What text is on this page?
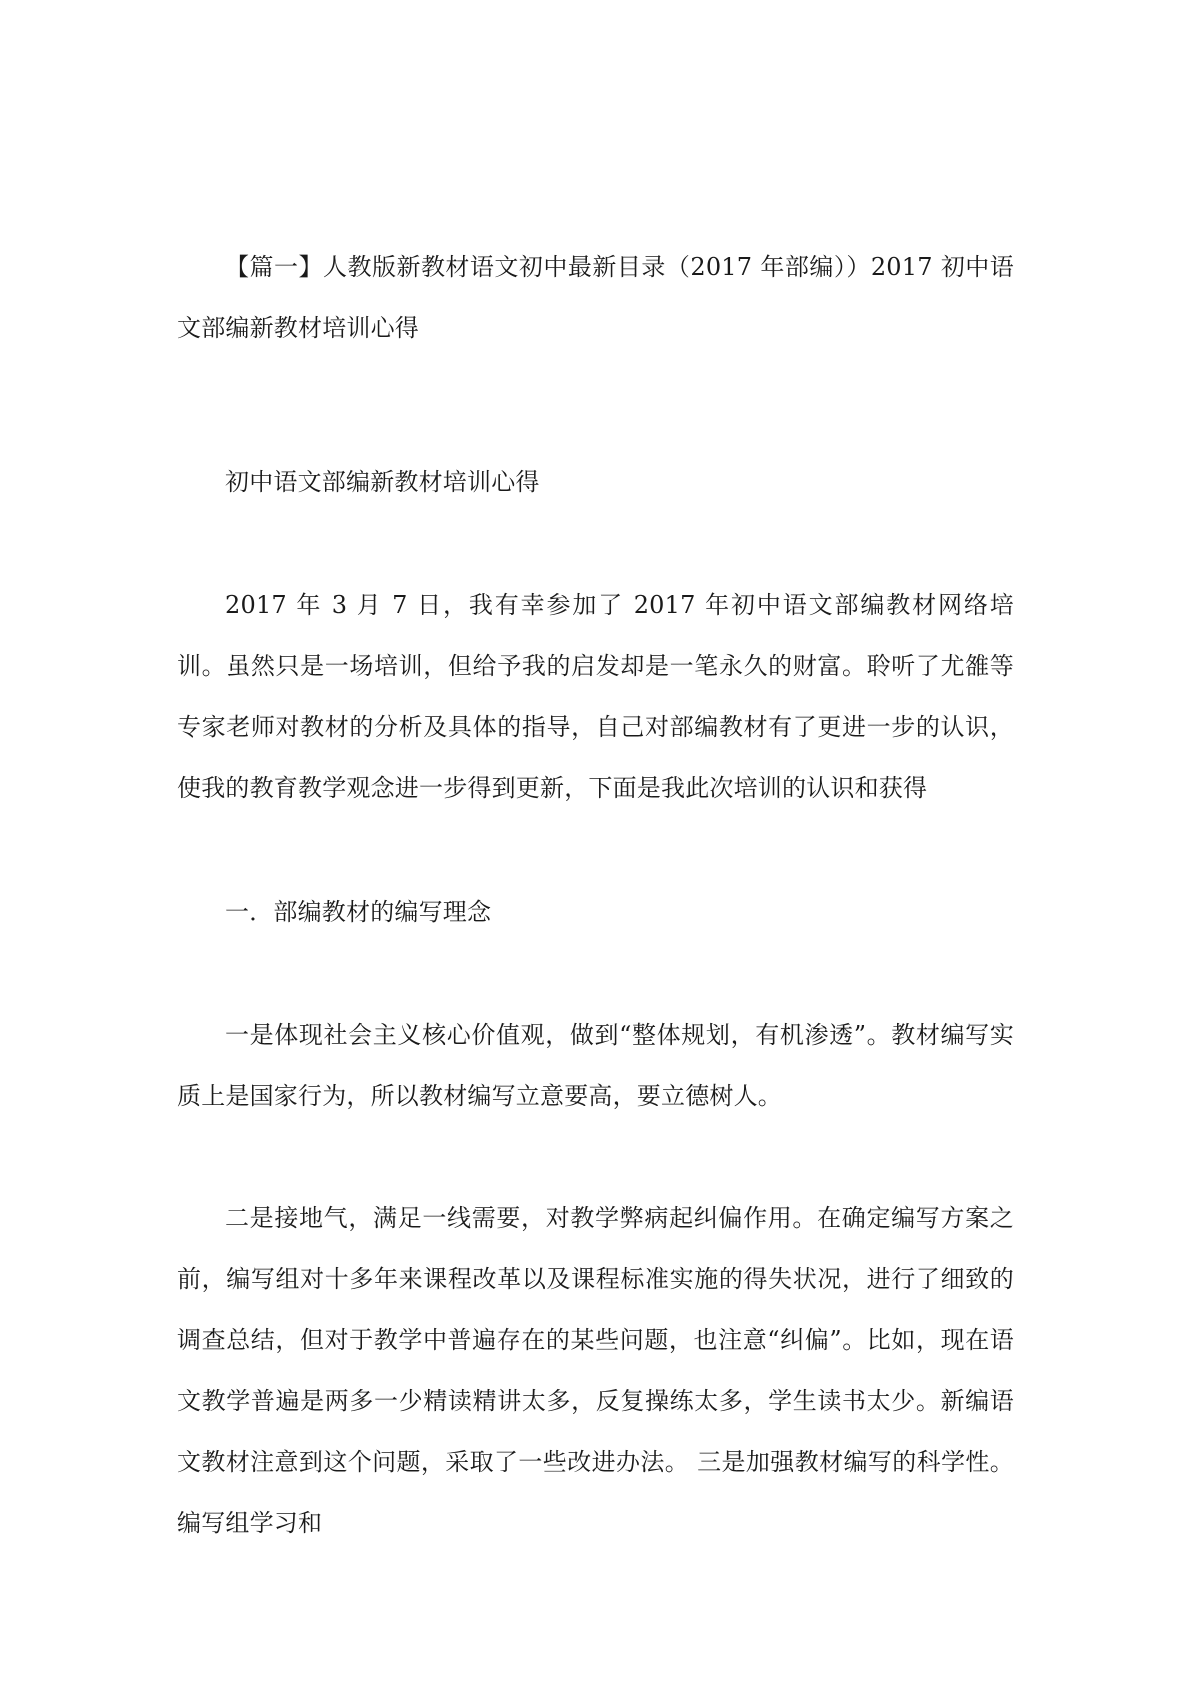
【篇一】人教版新教材语文初中最新目录（2017 年部编））2017 初中语文部编新教材培训心得

初中语文部编新教材培训心得

2017 年 3 月 7 日，我有幸参加了 2017 年初中语文部编教材网络培训。虽然只是一场培训，但给予我的启发却是一笔永久的财富。聆听了尤雒等专家老师对教材的分析及具体的指导，自己对部编教材有了更进一步的认识，使我的教育教学观念进一步得到更新，下面是我此次培训的认识和获得

一．部编教材的编写理念

一是体现社会主义核心价值观，做到“整体规划，有机渗透”。教材编写实质上是国家行为，所以教材编写立意要高，要立德树人。

二是接地气，满足一线需要，对教学弊病起纠偏作用。在确定编写方案之前，编写组对十多年来课程改革以及课程标准实施的得失状况，进行了细致的调查总结，但对于教学中普遍存在的某些问题，也注意“纠偏”。比如，现在语文教学普遍是两多一少精读精讲太多，反复操练太多，学生读书太少。新编语文教材注意到这个问题，采取了一些改进办法。 三是加强教材编写的科学性。编写组学习和
